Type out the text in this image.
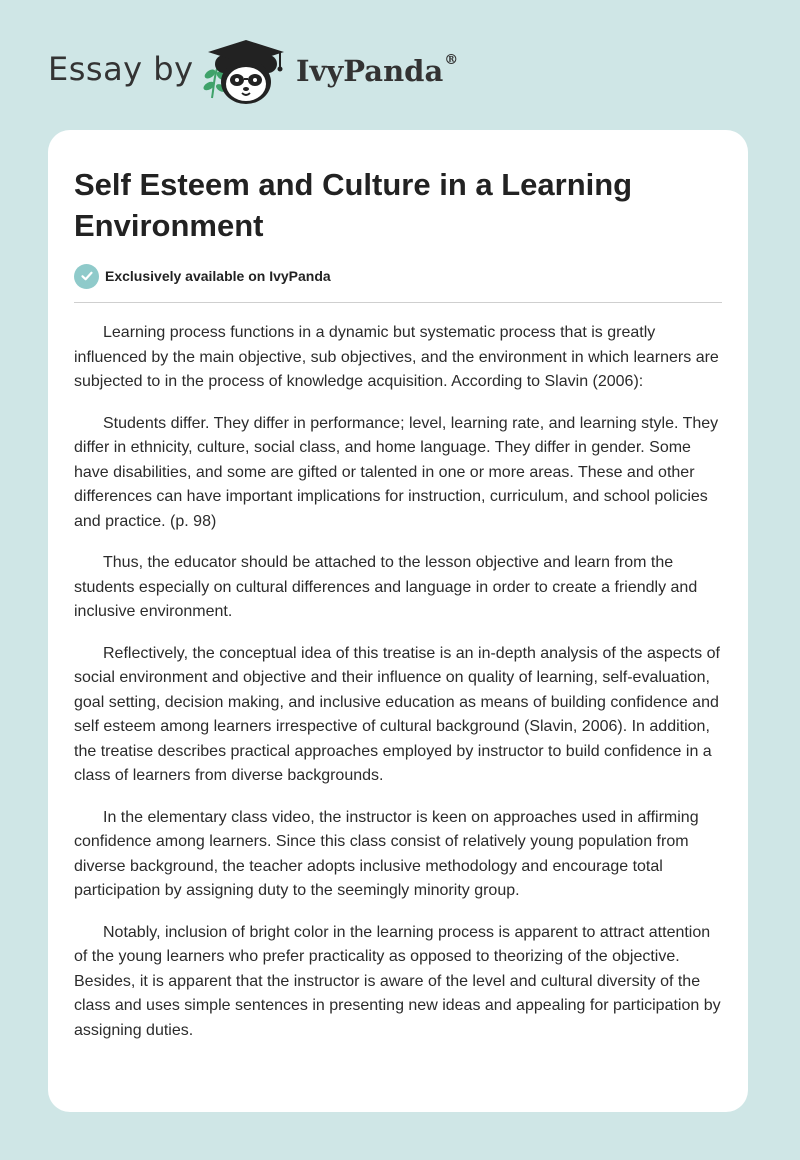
Essay by	IvyPanda®
Self Esteem and Culture in a Learning Environment
Exclusively available on IvyPanda

Learning process functions in a dynamic but systematic process that is greatly influenced by the main objective, sub objectives, and the environment in which learners are subjected to in the process of knowledge acquisition. According to Slavin (2006):

Students differ. They differ in performance; level, learning rate, and learning style. They differ in ethnicity, culture, social class, and home language. They differ in gender. Some have disabilities, and some are gifted or talented in one or more areas. These and other differences can have important implications for instruction, curriculum, and school policies and practice. (p. 98)

Thus, the educator should be attached to the lesson objective and learn from the students especially on cultural differences and language in order to create a friendly and inclusive environment.

Reflectively, the conceptual idea of this treatise is an in-depth analysis of the aspects of social environment and objective and their influence on quality of learning, self-evaluation, goal setting, decision making, and inclusive education as means of building confidence and self esteem among learners irrespective of cultural background (Slavin, 2006). In addition, the treatise describes practical approaches employed by instructor to build confidence in a class of learners from diverse backgrounds.

In the elementary class video, the instructor is keen on approaches used in affirming confidence among learners. Since this class consist of relatively young population from diverse background, the teacher adopts inclusive methodology and encourage total participation by assigning duty to the seemingly minority group.

Notably, inclusion of bright color in the learning process is apparent to attract attention of the young learners who prefer practicality as opposed to theorizing of the objective. Besides, it is apparent that the instructor is aware of the level and cultural diversity of the class and uses simple sentences in presenting new ideas and appealing for participation by assigning duties.
